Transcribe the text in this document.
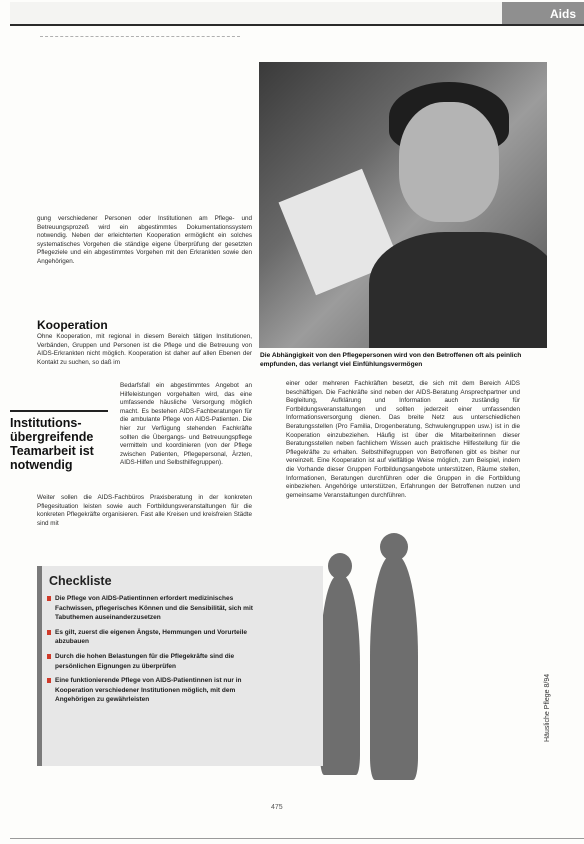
Aids
Die Abhängigkeit von den Pflegepersonen wird von den Betroffenen oft als peinlich empfunden, das verlangt viel Einfühlungsvermögen
gung verschiedener Personen oder Institutionen am Pflege- und Betreuungsprozeß wird ein abgestimmtes Dokumentationssystem notwendig. Neben der erleichterten Kooperation ermöglicht ein solches systematisches Vorgehen die ständige eigene Überprüfung der gesetzten Pflegeziele und ein abgestimmtes Vorgehen mit den Erkrankten sowie den Angehörigen.
Kooperation
Ohne Kooperation, mit regional in diesem Bereich tätigen Institutionen, Verbänden, Gruppen und Personen ist die Pflege und die Betreuung von AIDS-Erkrankten nicht möglich. Kooperation ist daher auf allen Ebenen der Kontakt zu suchen, so daß im
Bedarfsfall ein abgestimmtes Angebot an Hilfeleistungen vorgehalten wird, das eine umfassende häusliche Versorgung möglich macht. Es bestehen AIDS-Fachberatungen für die ambulante Pflege von AIDS-Patienten. Die hier zur Verfügung stehenden Fachkräfte sollten die Übergangs- und Betreuungspflege vermitteln und koordinieren (von der Pflege zwischen Patienten, Pflegepersonal, Ärzten, AIDS-Hilfen und Selbsthilfegruppen).
Weiter sollen die AIDS-Fachbüros Praxisberatung in der konkreten Pflegesituation leisten sowie auch Fortbildungsveranstaltungen für die konkreten Pflegekräfte organisieren. Fast alle Kreisen und kreisfreien Städte sind mit
Institutions-übergreifende Teamarbeit ist notwendig
einer oder mehreren Fachkräften besetzt, die sich mit dem Bereich AIDS beschäftigen. Die Fachkräfte sind neben der AIDS-Beratung Ansprechpartner und Begleitung, Aufklärung und Information auch zuständig für Fortbildungsveranstaltungen und sollten jederzeit einer umfassenden Informationsversorgung dienen. Das breite Netz aus unterschiedlichen Beratungsstellen (Pro Familia, Drogenberatung, Schwulengruppen usw.) ist in die Kooperation einzubeziehen. Häufig ist über die Mitarbeiterinnen dieser Beratungsstellen neben fachlichem Wissen auch praktische Hilfestellung für die Pflegekräfte zu erhalten. Selbsthilfegruppen von Betroffenen gibt es bisher nur vereinzelt. Eine Kooperation ist auf vielfältige Weise möglich, zum Beispiel, indem die Vorhande dieser Gruppen Fortbildungsangebote unterstützen, Räume stellen, Informationen, Beratungen durchführen oder die Gruppen in die Fortbildung einbeziehen. Angehörige unterstützen, Erfahrungen der Betroffenen nutzen und gemeinsame Veranstaltungen durchführen.
Checkliste
Die Pflege von AIDS-Patientinnen erfordert medizinisches Fachwissen, pflegerisches Können und die Sensibilität, sich mit Tabuthemen auseinanderzusetzen
Es gilt, zuerst die eigenen Ängste, Hemmungen und Vorurteile abzubauen
Durch die hohen Belastungen für die Pflegekräfte sind die persönlichen Eignungen zu überprüfen
Eine funktionierende Pflege von AIDS-Patientinnen ist nur in Kooperation verschiedener Institutionen möglich, mit dem Angehörigen zu gewährleisten	Häusliche Pflege 8/94
475
